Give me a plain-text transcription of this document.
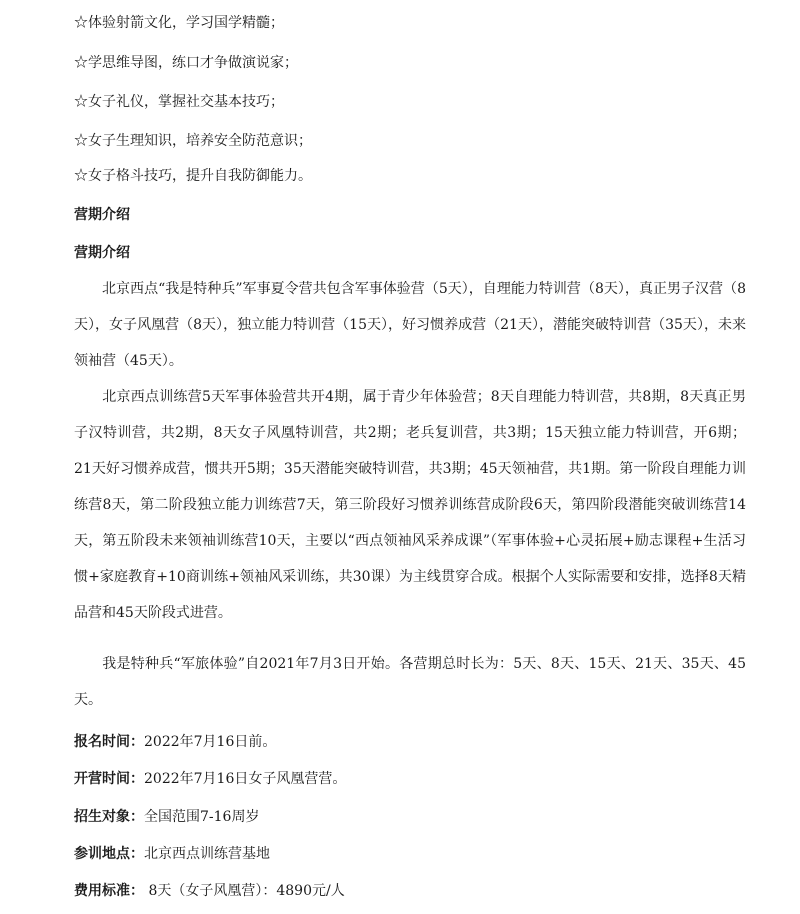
☆体验射箭文化，学习国学精髓；
☆学思维导图，练口才争做演说家；
☆女子礼仪，掌握社交基本技巧；
☆女子生理知识，培养安全防范意识；
☆女子格斗技巧，提升自我防御能力。
营期介绍
营期介绍
北京西点“我是特种兵”军事夏令营共包含军事体验营（5天），自理能力特训营（8天），真正男子汉营（8天），女子风凰营（8天），独立能力特训营（15天），好习惯养成营（21天），潜能突破特训营（35天），未来领袖营（45天）。
北京西点训练营5天军事体验营共开4期，属于青少年体验营；8天自理能力特训营，共8期，8天真正男子汉特训营，共2期，8天女子风凰特训营，共2期；老兵复训营，共3期；15天独立能力特训营，开6期； 21天好习惯养成营，惯共开5期；35天潜能突破特训营，共3期；45天领袖营，共1期。第一阶段自理能力训练营8天，第二阶段独立能力训练营7天，第三阶段好习惯养训练营成阶段6天，第四阶段潜能突破训练营14天，第五阶段未来领袖训练营10天，主要以“西点领袖风采养成课”（军事体验+心灵拓展+励志课程+生活习惯+家庭教育+10商训练+领袖风采训练，共30课）为主线贯穿合成。根据个人实际需要和安排，选择8天精品营和45天阶段式进营。
我是特种兵“军旅体验”自2021年7月3日开始。各营期总时长为：5天、8天、15天、21天、35天、45天。
报名时间：2022年7月16日前。
开营时间：2022年7月16日女子风凰营营。
招生对象：全国范围7-16周岁
参训地点：北京西点训练营基地
费用标准： 8天（女子风凰营）：4890元/人
